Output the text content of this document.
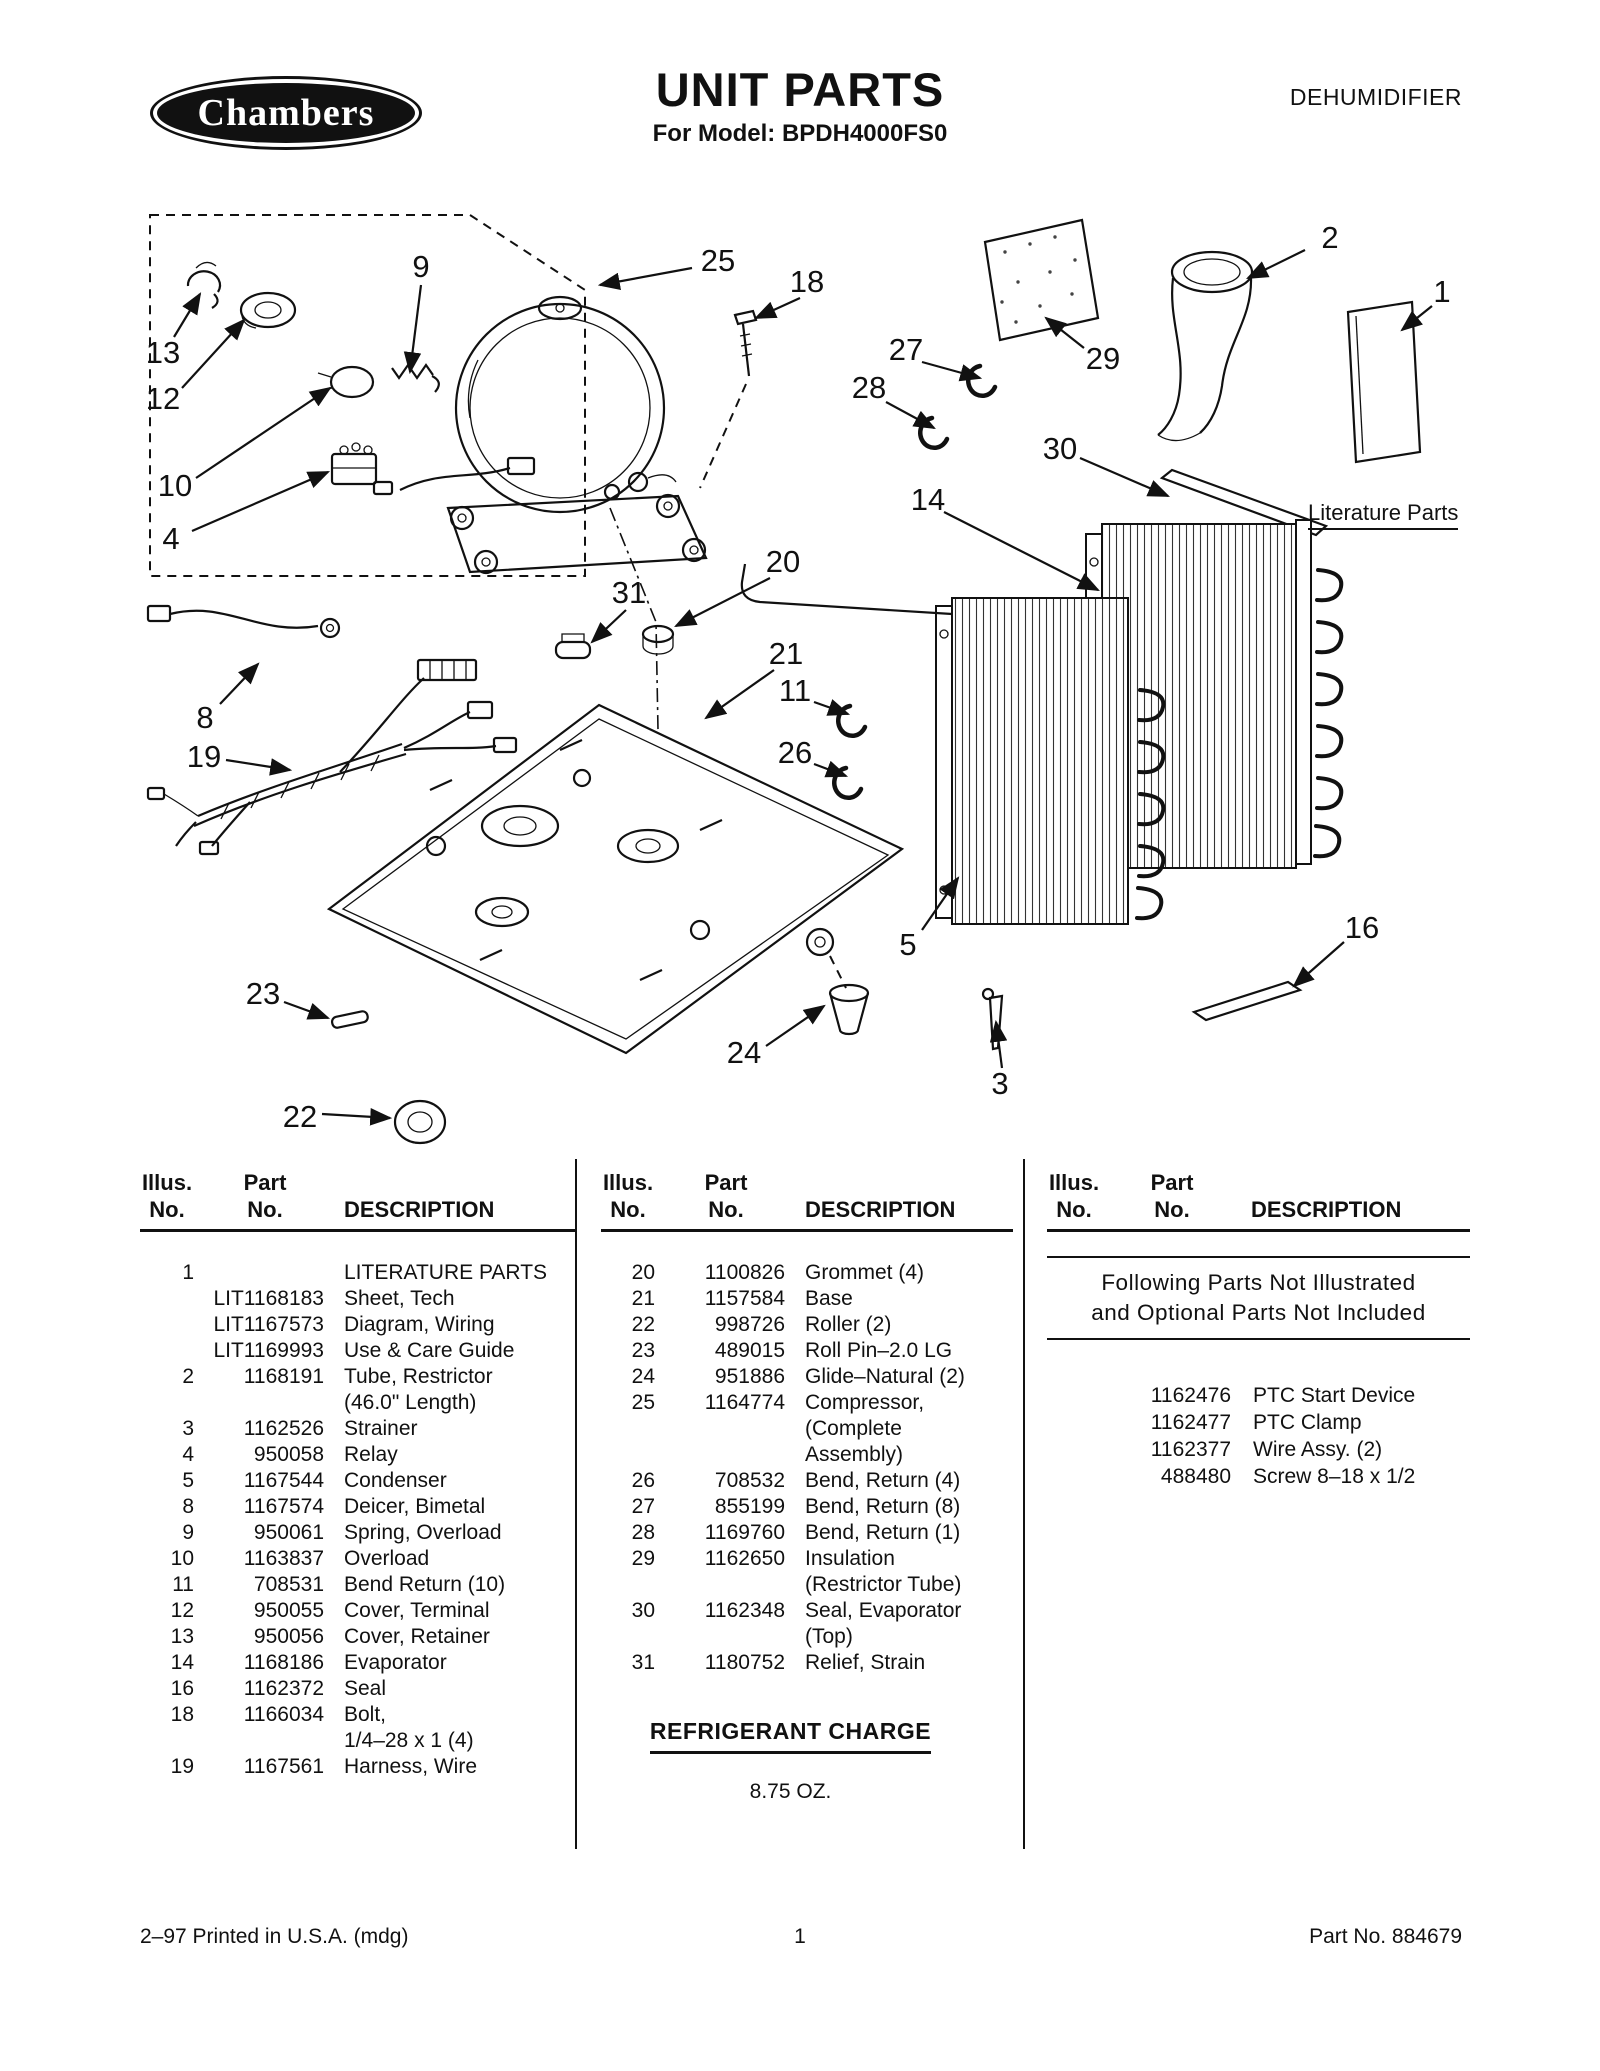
Chambers	UNIT PARTS
For Model: BPDH4000FS0
DEHUMIDIFIER
9	25
18
2
1
13
12
27
28
29
30
10	14
4
31
20
21
11
8
26
19
5	16
23
24
3
22
Literature Parts
Illus.	Part
No.	No.	DESCRIPTION
1	LITERATURE PARTS
LIT1168183 Sheet, Tech
LIT1167573 Diagram, Wiring
LIT1169993 Use & Care Guide
2	1168191 Tube, Restrictor
(46.0" Length)
3	1162526 Strainer
4	950058 Relay
5	1167544 Condenser
8	1167574 Deicer, Bimetal
9	950061 Spring, Overload
10	1163837 Overload
11	708531 Bend Return (10)
12	950055 Cover, Terminal
13	950056 Cover, Retainer
14	1168186 Evaporator
16	1162372 Seal
18	1166034 Bolt,
1/4–28 x 1 (4)
19	1167561 Harness, Wire
Illus.	Part
No.	No.	DESCRIPTION
20	1100826 Grommet (4)
21	1157584 Base
22	998726 Roller (2)
23	489015 Roll Pin–2.0 LG
24	951886 Glide–Natural (2)
25	1164774 Compressor,
(Complete
Assembly)
26	708532 Bend, Return (4)
27	855199 Bend, Return (8)
28	1169760 Bend, Return (1)
29	1162650 Insulation
(Restrictor Tube)
30	1162348 Seal, Evaporator
(Top)
31	1180752 Relief, Strain
REFRIGERANT CHARGE
8.75 OZ.
Illus.	Part
No.	No.	DESCRIPTION
Following Parts Not Illustrated
and Optional Parts Not Included
1162476	PTC Start Device
1162477	PTC Clamp
1162377	Wire Assy. (2)
488480	Screw 8–18 x 1/2
2–97 Printed in U.S.A. (mdg)	1	Part No. 884679
